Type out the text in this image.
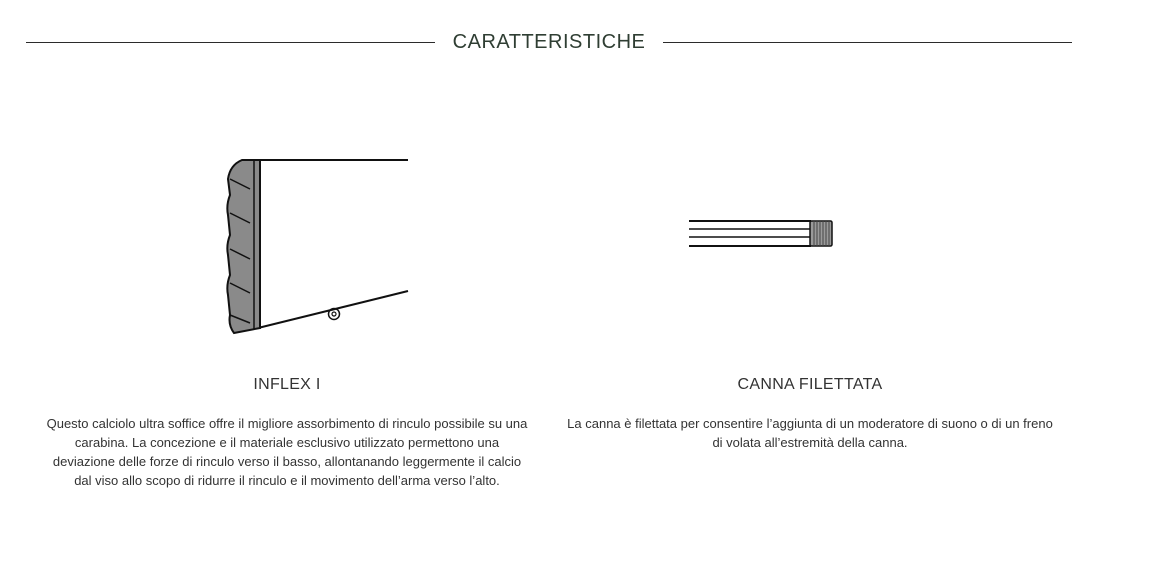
CARATTERISTICHE
INFLEX I

Questo calciolo ultra soffice offre il migliore assorbimento di rinculo possibile su una carabina. La concezione e il materiale esclusivo utilizzato permettono una deviazione delle forze di rinculo verso il basso, allontanando leggermente il calcio dal viso allo scopo di ridurre il rinculo e il movimento dell’arma verso l’alto.

CANNA FILETTATA

La canna è filettata per consentire l’aggiunta di un moderatore di suono o di un freno di volata all’estremità della canna.
